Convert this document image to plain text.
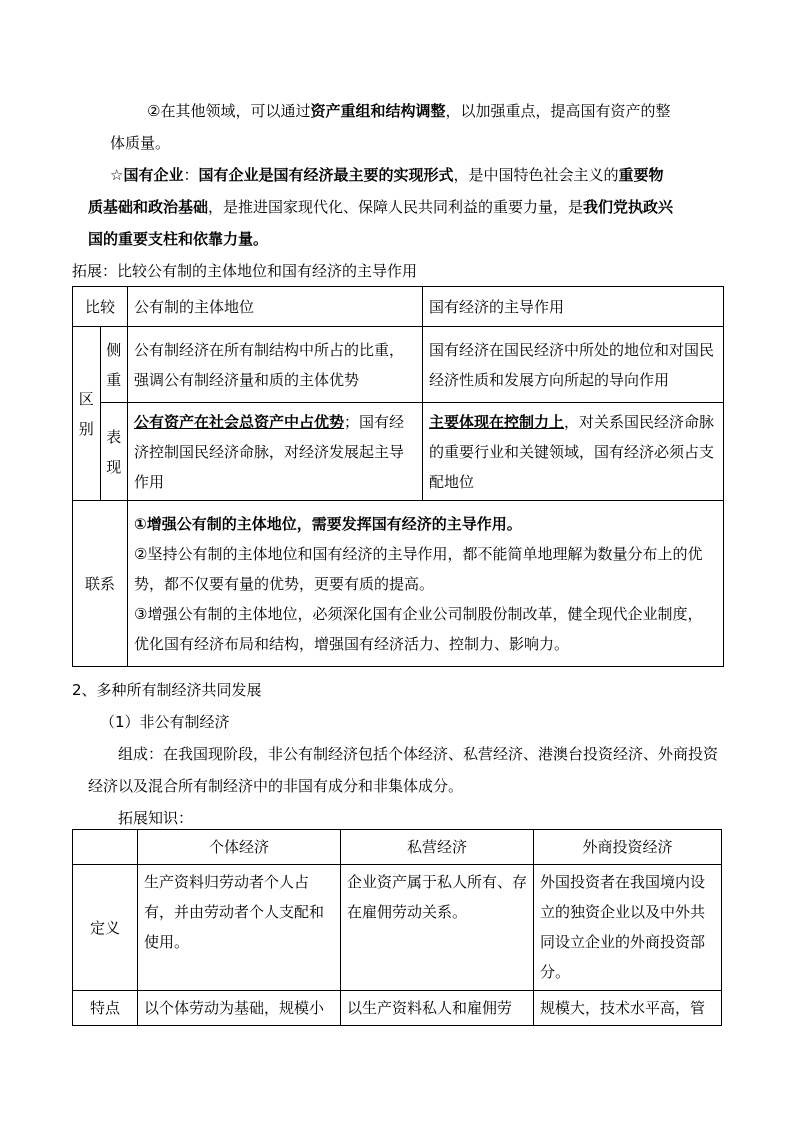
②在其他领域，可以通过资产重组和结构调整，以加强重点，提高国有资产的整

体质量。

☆国有企业：国有企业是国有经济最主要的实现形式，是中国特色社会主义的重要物

质基础和政治基础，是推进国家现代化、保障人民共同利益的重要力量，是我们党执政兴

国的重要支柱和依靠力量。

拓展：比较公有制的主体地位和国有经济的主导作用

比较		公有制的主体地位	国有经济的主导作用
区别	侧重	公有制经济在所有制结构中所占的比重，强调公有制经济量和质的主体优势	国有经济在国民经济中所处的地位和对国民经济性质和发展方向所起的导向作用
	表现	公有资产在社会总资产中占优势；国有经济控制国民经济命脉，对经济发展起主导作用	主要体现在控制力上，对关系国民经济命脉的重要行业和关键领域，国有经济必须占支配地位
联系		①增强公有制的主体地位，需要发挥国有经济的主导作用。
②坚持公有制的主体地位和国有经济的主导作用，都不能简单地理解为数量分布上的优势，都不仅要有量的优势，更要有质的提高。
③增强公有制的主体地位，必须深化国有企业公司制股份制改革，健全现代企业制度，优化国有经济布局和结构，增强国有经济活力、控制力、影响力。	

2、多种所有制经济共同发展

（1）非公有制经济

组成：在我国现阶段，非公有制经济包括个体经济、私营经济、港澳台投资经济、外商投资经济以及混合所有制经济中的非国有成分和非集体成分。

拓展知识：

	个体经济	私营经济	外商投资经济
定义	生产资料归劳动者个人占有，并由劳动者个人支配和使用。	企业资产属于私人所有、存在雇佣劳动关系。	外国投资者在我国境内设立的独资企业以及中外共同设立企业的外商投资部分。
特点	以个体劳动为基础，规模小	以生产资料私人和雇佣劳	规模大，技术水平高，管
